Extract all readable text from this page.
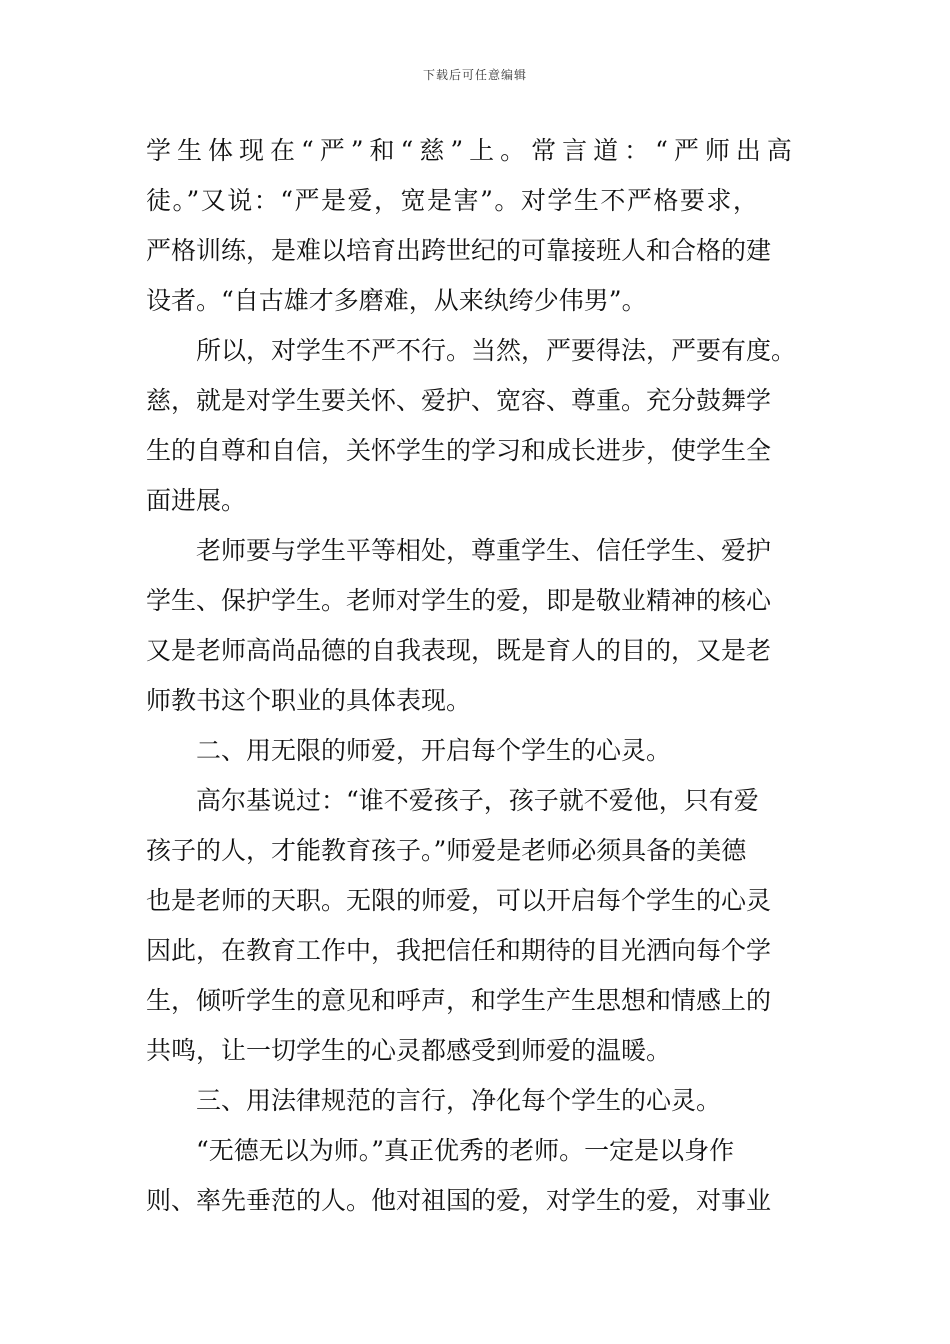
下载后可任意编辑
学生体现在“严”和“慈”上。常言道：“严师出高
徒。”又说：“严是爱，宽是害”。对学生不严格要求，
严格训练，是难以培育出跨世纪的可靠接班人和合格的建
设者。“自古雄才多磨难，从来纨绔少伟男”。
所以，对学生不严不行。当然，严要得法，严要有度。
慈，就是对学生要关怀、爱护、宽容、尊重。充分鼓舞学
生的自尊和自信，关怀学生的学习和成长进步，使学生全
面进展。
老师要与学生平等相处，尊重学生、信任学生、爱护
学生、保护学生。老师对学生的爱，即是敬业精神的核心
又是老师高尚品德的自我表现，既是育人的目的，又是老
师教书这个职业的具体表现。
二、用无限的师爱，开启每个学生的心灵。
高尔基说过：“谁不爱孩子，孩子就不爱他，只有爱
孩子的人，才能教育孩子。”师爱是老师必须具备的美德
也是老师的天职。无限的师爱，可以开启每个学生的心灵
因此，在教育工作中，我把信任和期待的目光洒向每个学
生，倾听学生的意见和呼声，和学生产生思想和情感上的
共鸣，让一切学生的心灵都感受到师爱的温暖。
三、用法律规范的言行，净化每个学生的心灵。
“无德无以为师。”真正优秀的老师。一定是以身作
则、率先垂范的人。他对祖国的爱，对学生的爱，对事业
